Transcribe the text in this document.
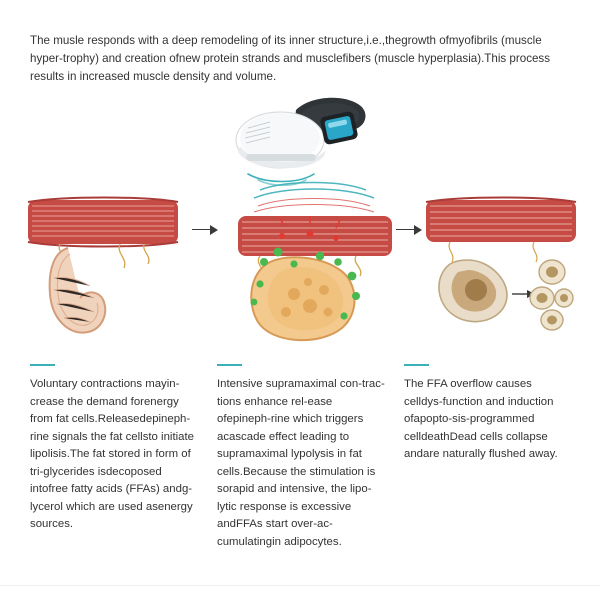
The musle responds with a deep remodeling of its inner structure,i.e.,thegrowth ofmyofibrils (muscle hyper-trophy) and creation ofnew protein strands and musclefibers (muscle hyperplasia).This process results in increased muscle density and volume.

Voluntary contractions mayin-crease the demand forenergy from fat cells.Releasedepineph-rine signals the fat cellsto initiate lipolisis.The fat stored in form of tri-glycerides isdecoposed intofree fatty acids (FFAs) andg-lycerol which are used asenergy sources.

Intensive supramaximal con-trac-tions enhance rel-ease ofepineph-rine which triggers acascade effect leading to supramaximal lypolysis in fat cells.Because the stimulation is sorapid and intensive, the lipo-lytic response is excessive andFFAs start over-ac-cumulatingin adipocytes.

The FFA overflow causes celldys-function and induction ofapopto-sis-programmed celldeathDead cells collapse andare naturally flushed away.
